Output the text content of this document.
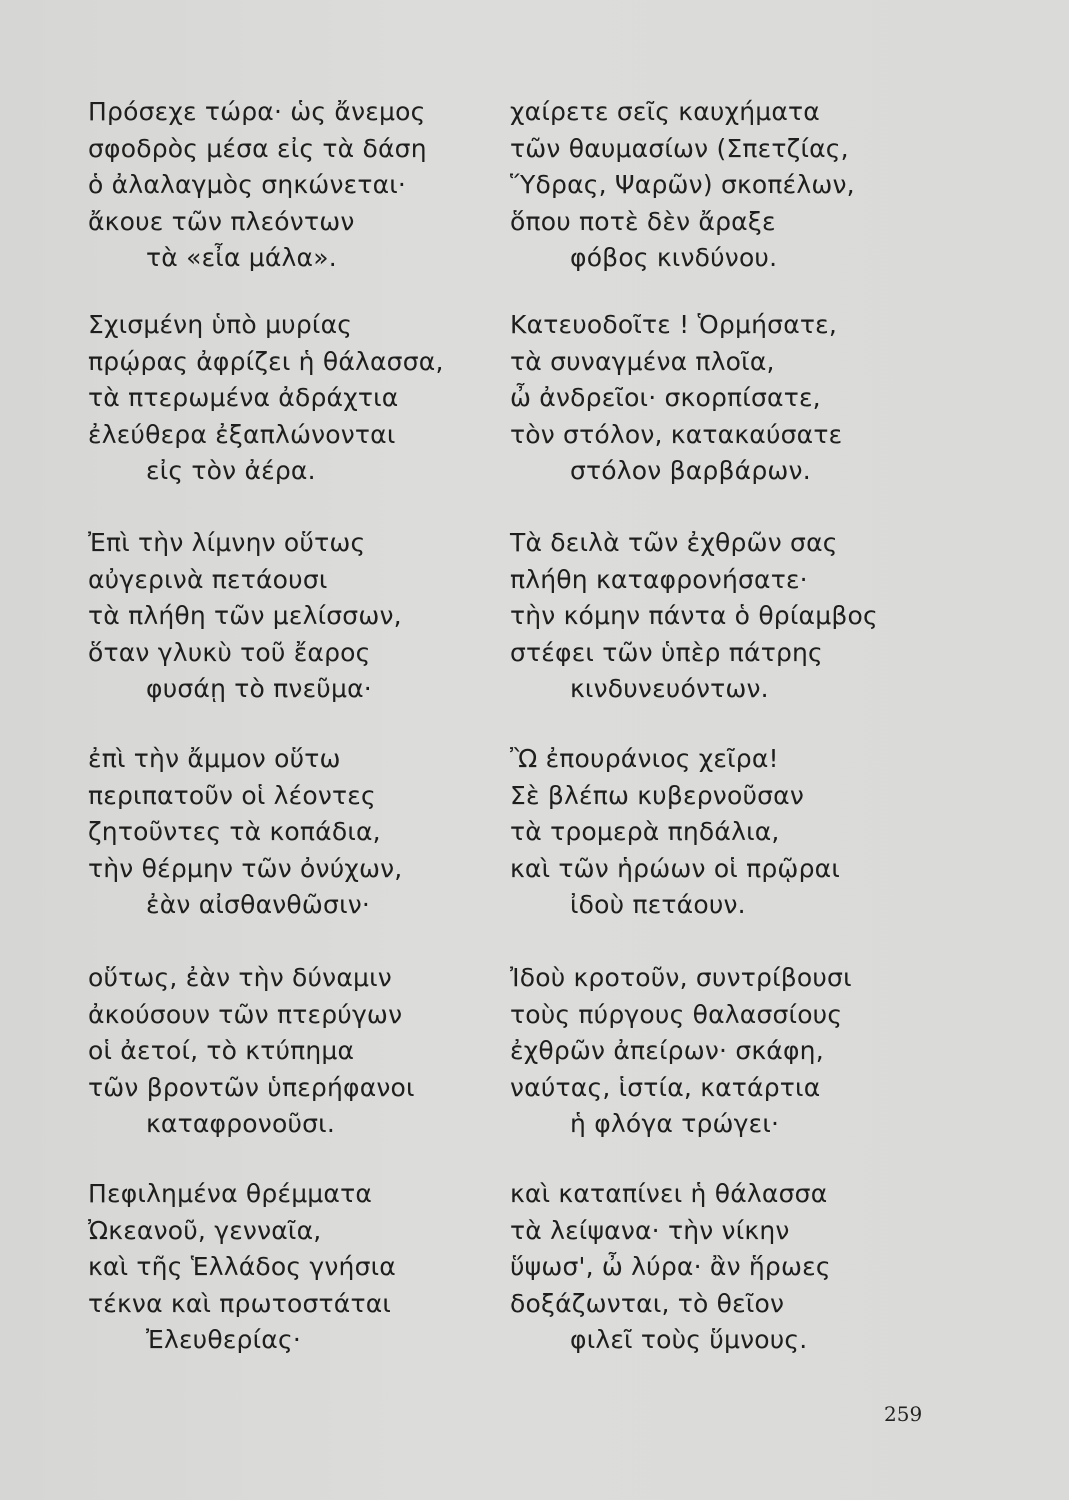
Πρόσεχε τώρα· ὡς ἄνεμος
σφοδρὸς μέσα εἰς τὰ δάση
ὁ ἀλαλαγμὸς σηκώνεται·
ἄκουε τῶν πλεόντων
τὰ «εἶα μάλα».
Σχισμένη ὑπὸ μυρίας
πρῴρας ἀφρίζει ἡ θάλασσα,
τὰ πτερωμένα ἀδράχτια
ἐλεύθερα ἐξαπλώνονται
εἰς τὸν ἀέρα.
Ἐπὶ τὴν λίμνην οὕτως
αὐγερινὰ πετάουσι
τὰ πλήθη τῶν μελίσσων,
ὅταν γλυκὺ τοῦ ἔαρος
φυσάῃ τὸ πνεῦμα·
ἐπὶ τὴν ἄμμον οὕτω
περιπατοῦν οἱ λέοντες
ζητοῦντες τὰ κοπάδια,
τὴν θέρμην τῶν ὀνύχων,
ἐὰν αἰσθανθῶσιν·
οὕτως, ἐὰν τὴν δύναμιν
ἀκούσουν τῶν πτερύγων
οἱ ἀετοί, τὸ κτύπημα
τῶν βροντῶν ὑπερήφανοι
καταφρονοῦσι.
Πεφιλημένα θρέμματα
Ὠκεανοῦ, γενναῖα,
καὶ τῆς Ἑλλάδος γνήσια
τέκνα καὶ πρωτοστάται
Ἐλευθερίας·
χαίρετε σεῖς καυχήματα
τῶν θαυμασίων (Σπετζίας,
Ὕδρας, Ψαρῶν) σκοπέλων,
ὅπου ποτὲ δὲν ἄραξε
φόβος κινδύνου.
Κατευοδοῖτε ! Ὁρμήσατε,
τὰ συναγμένα πλοῖα,
ὦ ἀνδρεῖοι· σκορπίσατε,
τὸν στόλον, κατακαύσατε
στόλον βαρβάρων.
Τὰ δειλὰ τῶν ἐχθρῶν σας
πλήθη καταφρονήσατε·
τὴν κόμην πάντα ὁ θρίαμβος
στέφει τῶν ὑπὲρ πάτρης
κινδυνευόντων.
Ὢ ἐπουράνιος χεῖρα!
Σὲ βλέπω κυβερνοῦσαν
τὰ τρομερὰ πηδάλια,
καὶ τῶν ἡρώων οἱ πρῷραι
ἰδοὺ πετάουν.
Ἰδοὺ κροτοῦν, συντρίβουσι
τοὺς πύργους θαλασσίους
ἐχθρῶν ἀπείρων· σκάφη,
ναύτας, ἱστία, κατάρτια
ἡ φλόγα τρώγει·
καὶ καταπίνει ἡ θάλασσα
τὰ λείψανα· τὴν νίκην
ὕψωσ', ὦ λύρα· ἂν ἥρωες
δοξάζωνται, τὸ θεῖον
φιλεῖ τοὺς ὕμνους.
259
